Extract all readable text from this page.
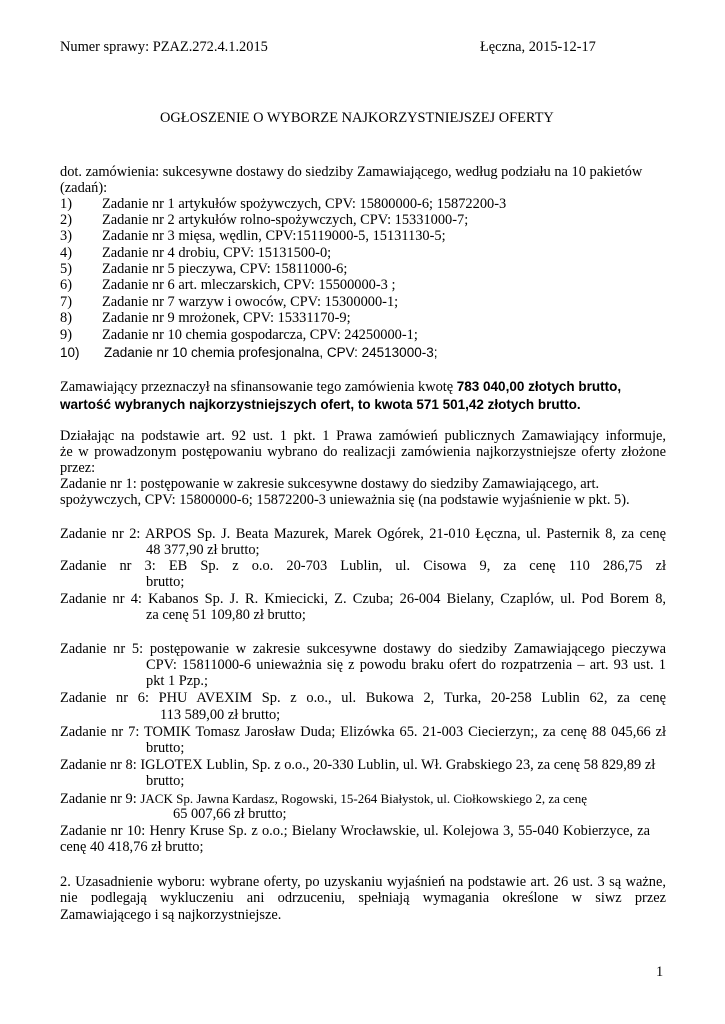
Numer sprawy: PZAZ.272.4.1.2015	Łęczna, 2015-12-17
OGŁOSZENIE O WYBORZE NAJKORZYSTNIEJSZEJ OFERTY
dot. zamówienia: sukcesywne dostawy do siedziby Zamawiającego, według podziału na 10 pakietów
(zadań):
1) Zadanie nr 1 artykułów spożywczych, CPV: 15800000-6; 15872200-3
2) Zadanie nr 2 artykułów rolno-spożywczych, CPV: 15331000-7;
3) Zadanie nr 3 mięsa, wędlin, CPV:15119000-5, 15131130-5;
4) Zadanie nr 4 drobiu, CPV: 15131500-0;
5) Zadanie nr 5 pieczywa, CPV: 15811000-6;
6) Zadanie nr 6 art. mleczarskich, CPV: 15500000-3 ;
7) Zadanie nr 7 warzyw i owoców, CPV: 15300000-1;
8) Zadanie nr 9 mrożonek, CPV: 15331170-9;
9) Zadanie nr 10 chemia gospodarcza, CPV: 24250000-1;
10) Zadanie nr 10 chemia profesjonalna, CPV: 24513000-3;
Zamawiający przeznaczył na sfinansowanie tego zamówienia kwotę 783 040,00 złotych brutto,
wartość wybranych najkorzystniejszych ofert, to kwota 571 501,42 złotych brutto.
Działając na podstawie art. 92 ust. 1 pkt. 1 Prawa zamówień publicznych Zamawiający informuje,
że w prowadzonym postępowaniu wybrano do realizacji zamówienia najkorzystniejsze oferty złożone
przez:
Zadanie nr 1: postępowanie w zakresie sukcesywne dostawy do siedziby Zamawiającego, art.
spożywczych, CPV: 15800000-6; 15872200-3 unieważnia się (na podstawie wyjaśnienie w pkt. 5).
Zadanie nr 2: ARPOS Sp. J. Beata Mazurek, Marek Ogórek, 21-010 Łęczna, ul. Pasternik 8, za cenę
48 377,90 zł brutto;
Zadanie nr 3: EB Sp. z o.o. 20-703 Lublin, ul. Cisowa 9, za cenę 110 286,75 zł
brutto;
Zadanie nr 4: Kabanos Sp. J. R. Kmiecicki, Z. Czuba; 26-004 Bielany, Czaplów, ul. Pod Borem 8,
za cenę 51 109,80 zł brutto;
Zadanie nr 5: postępowanie w zakresie sukcesywne dostawy do siedziby Zamawiającego pieczywa
CPV: 15811000-6 unieważnia się z powodu braku ofert do rozpatrzenia – art. 93 ust. 1
pkt 1 Pzp.;
Zadanie nr 6: PHU AVEXIM Sp. z o.o., ul. Bukowa 2, Turka, 20-258 Lublin 62, za cenę
113 589,00 zł brutto;
Zadanie nr 7: TOMIK Tomasz Jarosław Duda; Elizówka 65. 21-003 Ciecierzyn;, za cenę 88 045,66 zł
brutto;
Zadanie nr 8: IGLOTEX Lublin, Sp. z o.o., 20-330 Lublin, ul. Wł. Grabskiego 23, za cenę 58 829,89 zł
brutto;
Zadanie nr 9: JACK Sp. Jawna Kardasz, Rogowski, 15-264 Białystok, ul. Ciołkowskiego 2, za cenę
65 007,66 zł brutto;
Zadanie nr 10: Henry Kruse Sp. z o.o.; Bielany Wrocławskie, ul. Kolejowa 3, 55-040 Kobierzyce, za
cenę 40 418,76 zł brutto;
2. Uzasadnienie wyboru: wybrane oferty, po uzyskaniu wyjaśnień na podstawie art. 26 ust. 3 są ważne,
nie podlegają wykluczeniu ani odrzuceniu, spełniają wymagania określone w siwz przez
Zamawiającego i są najkorzystniejsze.
1
